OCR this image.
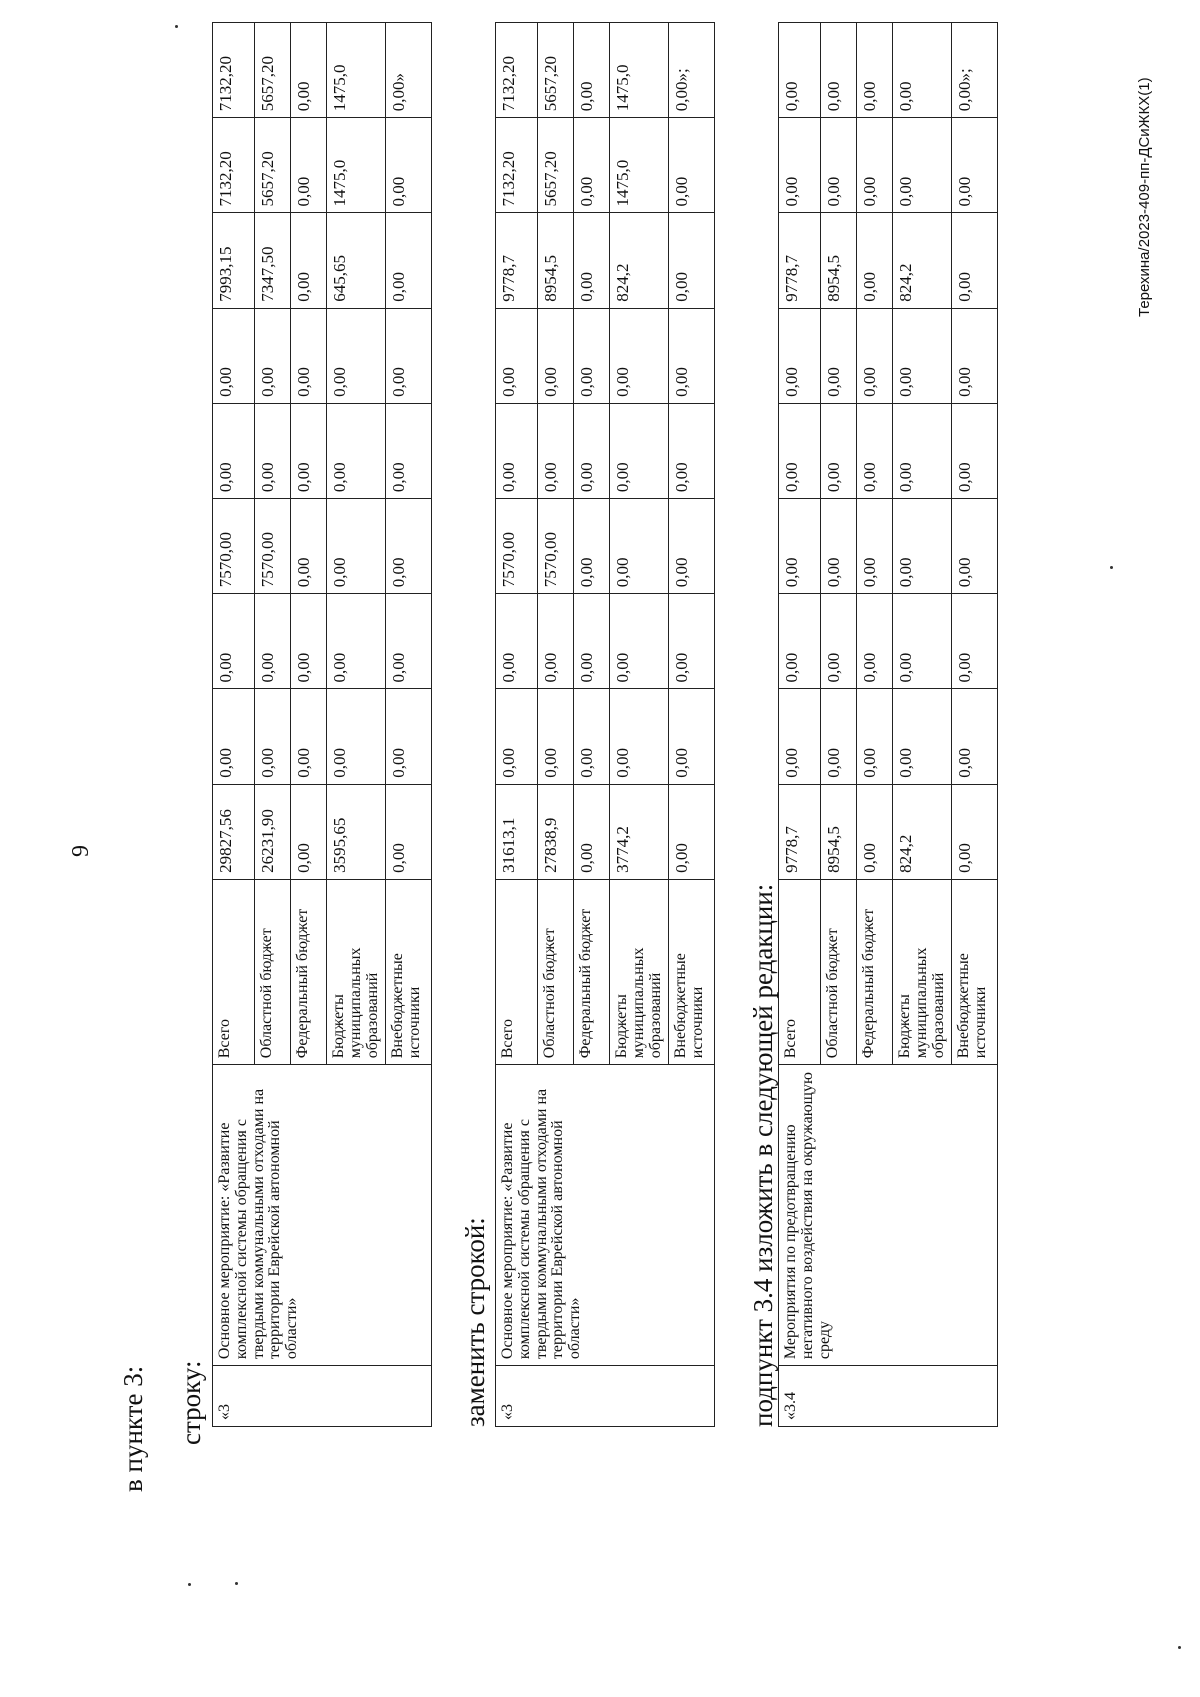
9
в пункте 3: строку: «3	Основное мероприятие: «Развитие комплексной системы обращения с твердыми коммунальными отходами на территории Еврейской автономной области»	Всего	29827,56	0,00	0,00	7570,00	0,00	0,00	7993,15	7132,20	7132,20
		Областной бюджет	26231,90	0,00	0,00	7570,00	0,00	0,00	7347,50	5657,20	5657,20
		Федеральный бюджет	0,00	0,00	0,00	0,00	0,00	0,00	0,00	0,00	0,00
		Бюджеты муниципальных образований	3595,65	0,00	0,00	0,00	0,00	0,00	645,65	1475,0	1475,0
		Внебюджетные источники	0,00	0,00	0,00	0,00	0,00	0,00	0,00	0,00	0,00»
заменить строкой: «3	Основное мероприятие: «Развитие комплексной системы обращения с твердыми коммунальными отходами на территории Еврейской автономной области»	Всего	31613,1	0,00	0,00	7570,00	0,00	0,00	9778,7	7132,20	7132,20
		Областной бюджет	27838,9	0,00	0,00	7570,00	0,00	0,00	8954,5	5657,20	5657,20
		Федеральный бюджет	0,00	0,00	0,00	0,00	0,00	0,00	0,00	0,00	0,00
		Бюджеты муниципальных образований	3774,2	0,00	0,00	0,00	0,00	0,00	824,2	1475,0	1475,0
		Внебюджетные источники	0,00	0,00	0,00	0,00	0,00	0,00	0,00	0,00	0,00»;
подпункт 3.4 изложить в следующей редакции: «3.4	Мероприятия по предотвращению негативного воздействия на окружающую среду	Всего	9778,7	0,00	0,00	0,00	0,00	0,00	9778,7	0,00	0,00
		Областной бюджет	8954,5	0,00	0,00	0,00	0,00	0,00	8954,5	0,00	0,00
		Федеральный бюджет	0,00	0,00	0,00	0,00	0,00	0,00	0,00	0,00	0,00
		Бюджеты муниципальных образований	824,2	0,00	0,00	0,00	0,00	0,00	824,2	0,00	0,00
		Внебюджетные источники	0,00	0,00	0,00	0,00	0,00	0,00	0,00	0,00	0,00»;	Терехина/2023-409-пп-ДСиЖКХ(1)
